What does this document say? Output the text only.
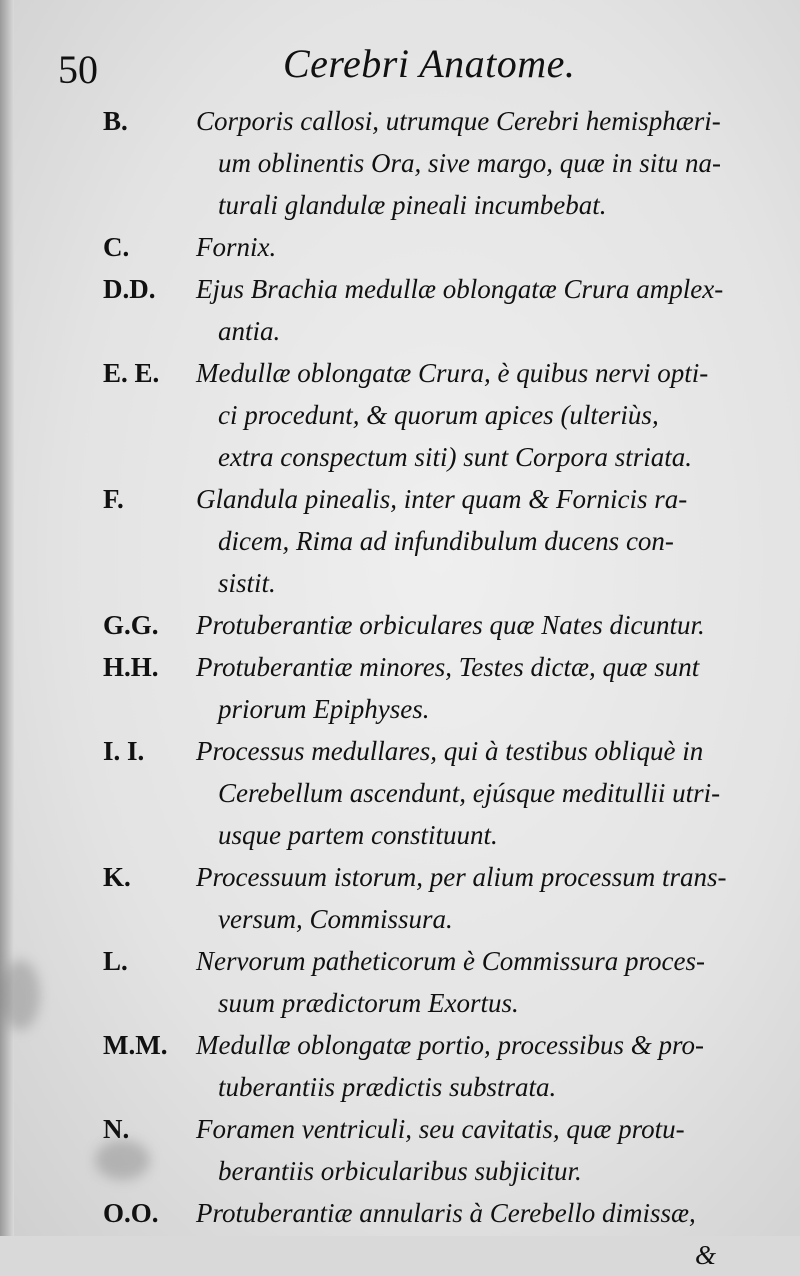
50	Cerebri Anatome.
B.	Corporis callosi, utrumque Cerebri hemisphæri-
um oblinentis Ora, sive margo, quæ in situ na-
turali glandulæ pineali incumbebat.
C. Fornix.
D.D. Ejus Brachia medullæ oblongatæ Crura amplex-
antia.
E. E. Medullæ oblongatæ Crura, è quibus nervi opti-
ci procedunt, & quorum apices (ulteriùs,
extra conspectum siti) sunt Corpora striata.
F.	Glandula pinealis, inter quam & Fornicis ra-
dicem, Rima ad infundibulum ducens con-
sistit.
G.G. Protuberantiæ orbiculares quæ Nates dicuntur.
H.H. Protuberantiæ minores, Testes dictæ, quæ sunt
priorum Epiphyses.
I. I. Processus medullares, qui à testibus obliquè in
Cerebellum ascendunt, ejúsque meditullii utri-
usque partem constituunt.
K. Processuum istorum, per alium processum trans-
versum, Commissura.
L.	Nervorum patheticorum è Commissura proces-
suum prædictorum Exortus.
M.M. Medullæ oblongatæ portio, processibus & pro-
tuberantiis prædictis substrata.
N. Foramen ventriculi, seu cavitatis, quæ protu-
berantiis orbicularibus subjicitur.
O.O. Protuberantiæ annularis à Cerebello dimissæ,
&
